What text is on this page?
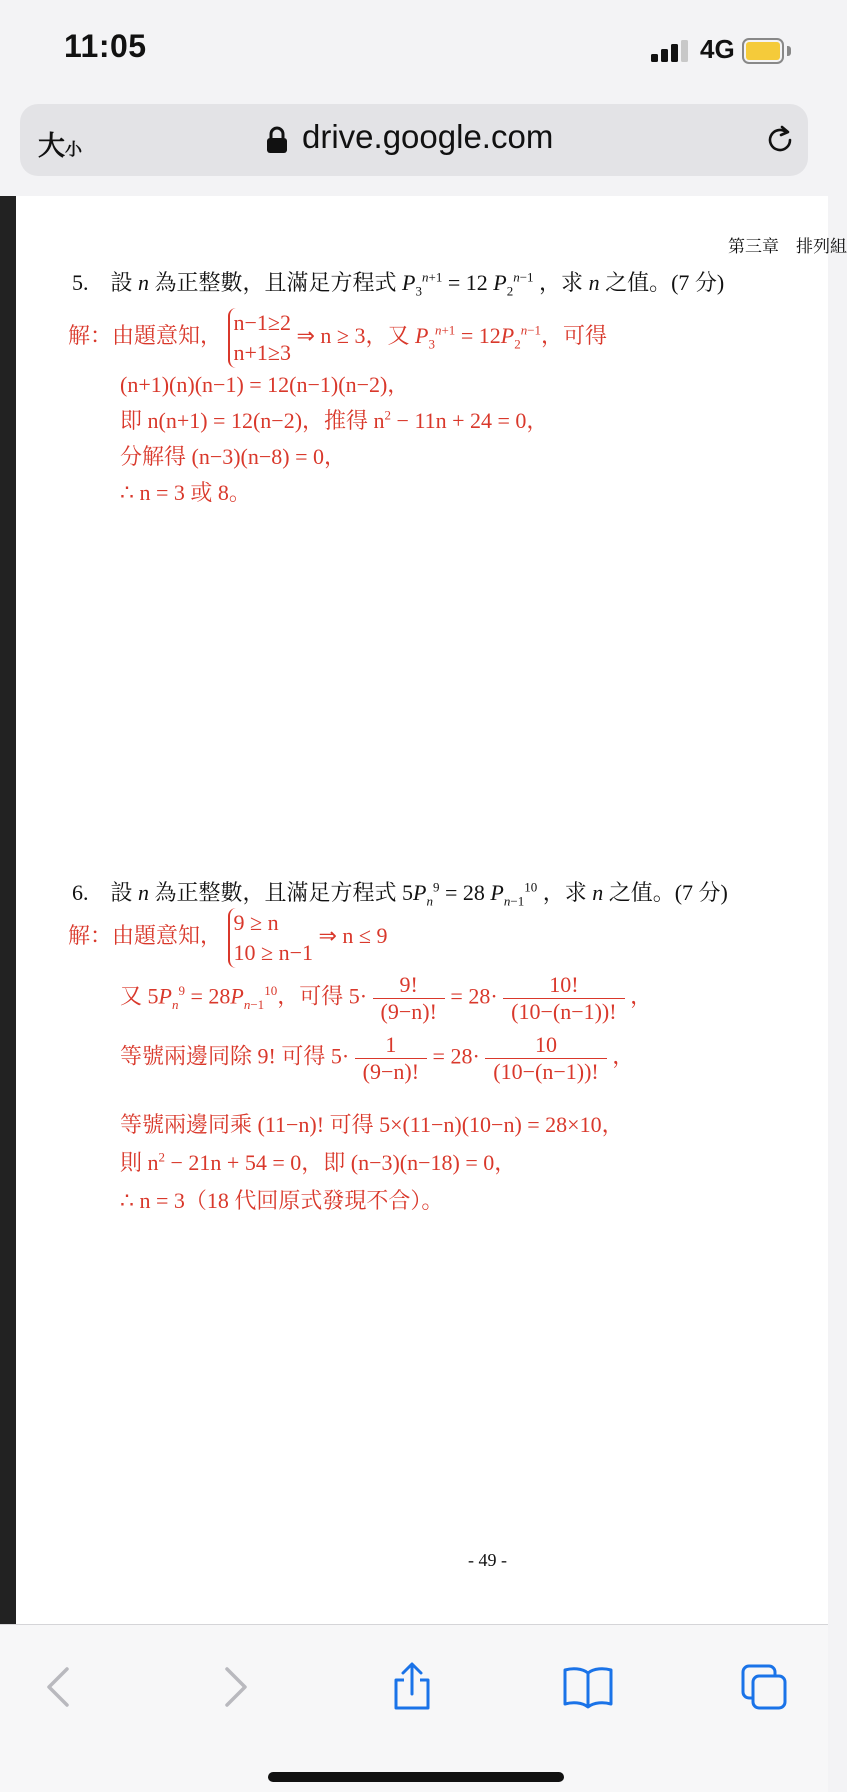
11:05	4G
大小	drive.google.com
第三章　排列組
5. 設 n 為正整數，且滿足方程式 $P_3^{n+1} = 12$ $P_2^{n-1}$ ，求 n 之值。(7 分)
解：由題意知， n−1≥2
n+1≥3 ⇒ n ≥ 3，又 $P_3^{n+1} = 12P_2^{n-1}$，可得
(n+1)(n)(n−1) = 12(n−1)(n−2)，
即 n(n+1) = 12(n−2)，推得 $n^2 - 11n + 24 = 0$，
分解得 (n−3)(n−8) = 0，
∴ n = 3 或 8。
6. 設 n 為正整數，且滿足方程式 $5P_n^9 = 28$ $P_{n-1}^{10}$ ，求 n 之值。(7 分)
解：由題意知， 9 ≥ n
10 ≥ n−1 ⇒ n ≤ 9
又 $5P_n^9 = 28P_{n-1}^{10}$，可得 $5\cdot \frac{9!}{(9-n)!} = 28\cdot \frac{10!}{(10-(n-1))!}$ ，
等號兩邊同除 9! 可得 $5\cdot \frac{1}{(9-n)!} = 28\cdot \frac{10}{(10-(n-1))!}$ ，
等號兩邊同乘 (11−n)! 可得 5×(11−n)(10−n) = 28×10，
則 $n^2 - 21n + 54 = 0$，即 (n−3)(n−18) = 0，
∴ n = 3（18 代回原式發現不合）。
- 49 -
